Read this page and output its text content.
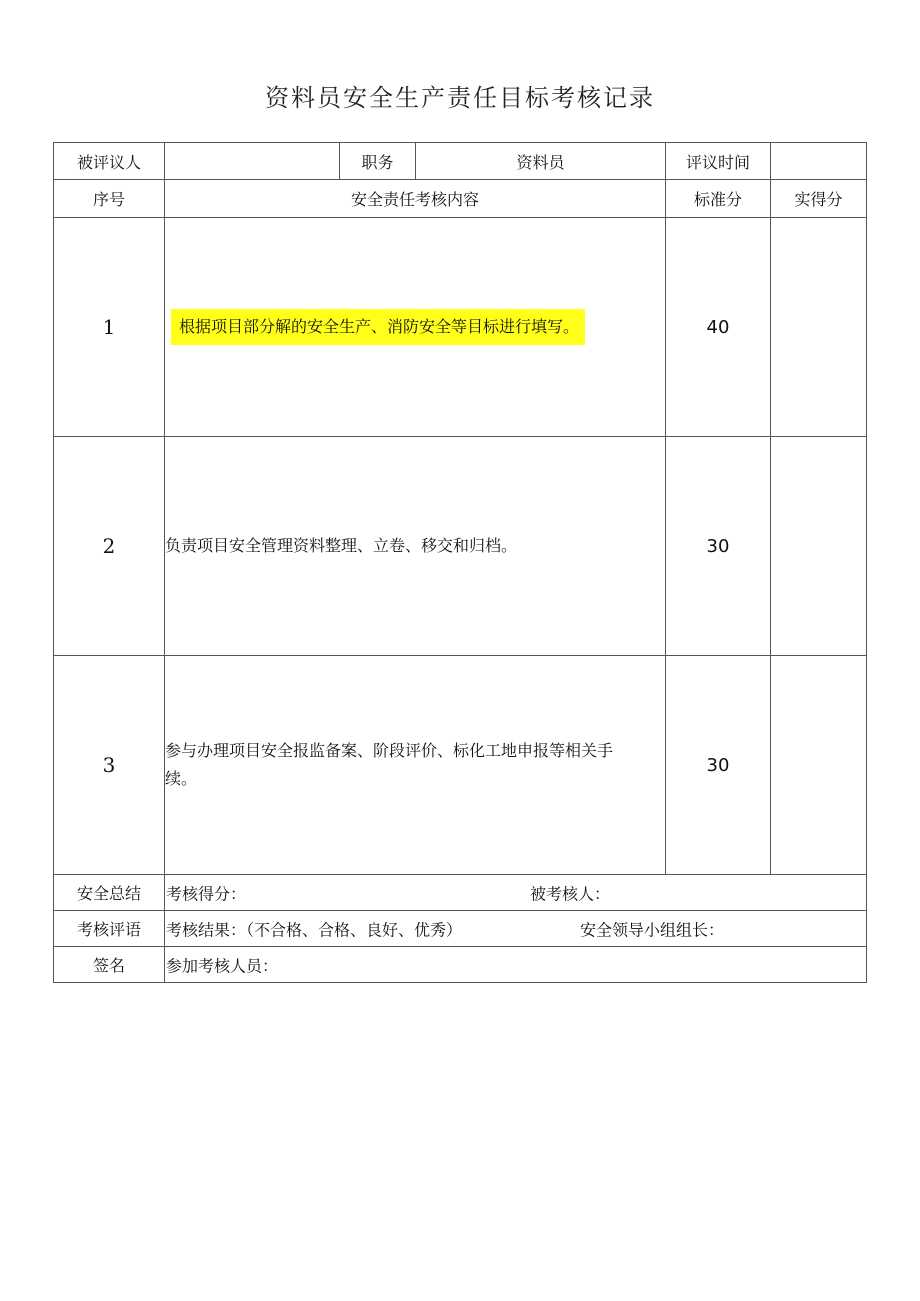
资料员安全生产责任目标考核记录
被评议人		职务	资料员	评议时间	
序号	安全责任考核内容			标准分	实得分
1	根据项目部分解的安全生产、消防安全等目标进行填写。			40	
2	负责项目安全管理资料整理、立卷、移交和归档。			30	
3	参与办理项目安全报监备案、阶段评价、标化工地申报等相关手续。			30	
安全总结	考核得分： 被考核人：				

考核评语	考核结果：（不合格、合格、良好、优秀） 安全领导小组组长：				

签名	参加考核人员：				
